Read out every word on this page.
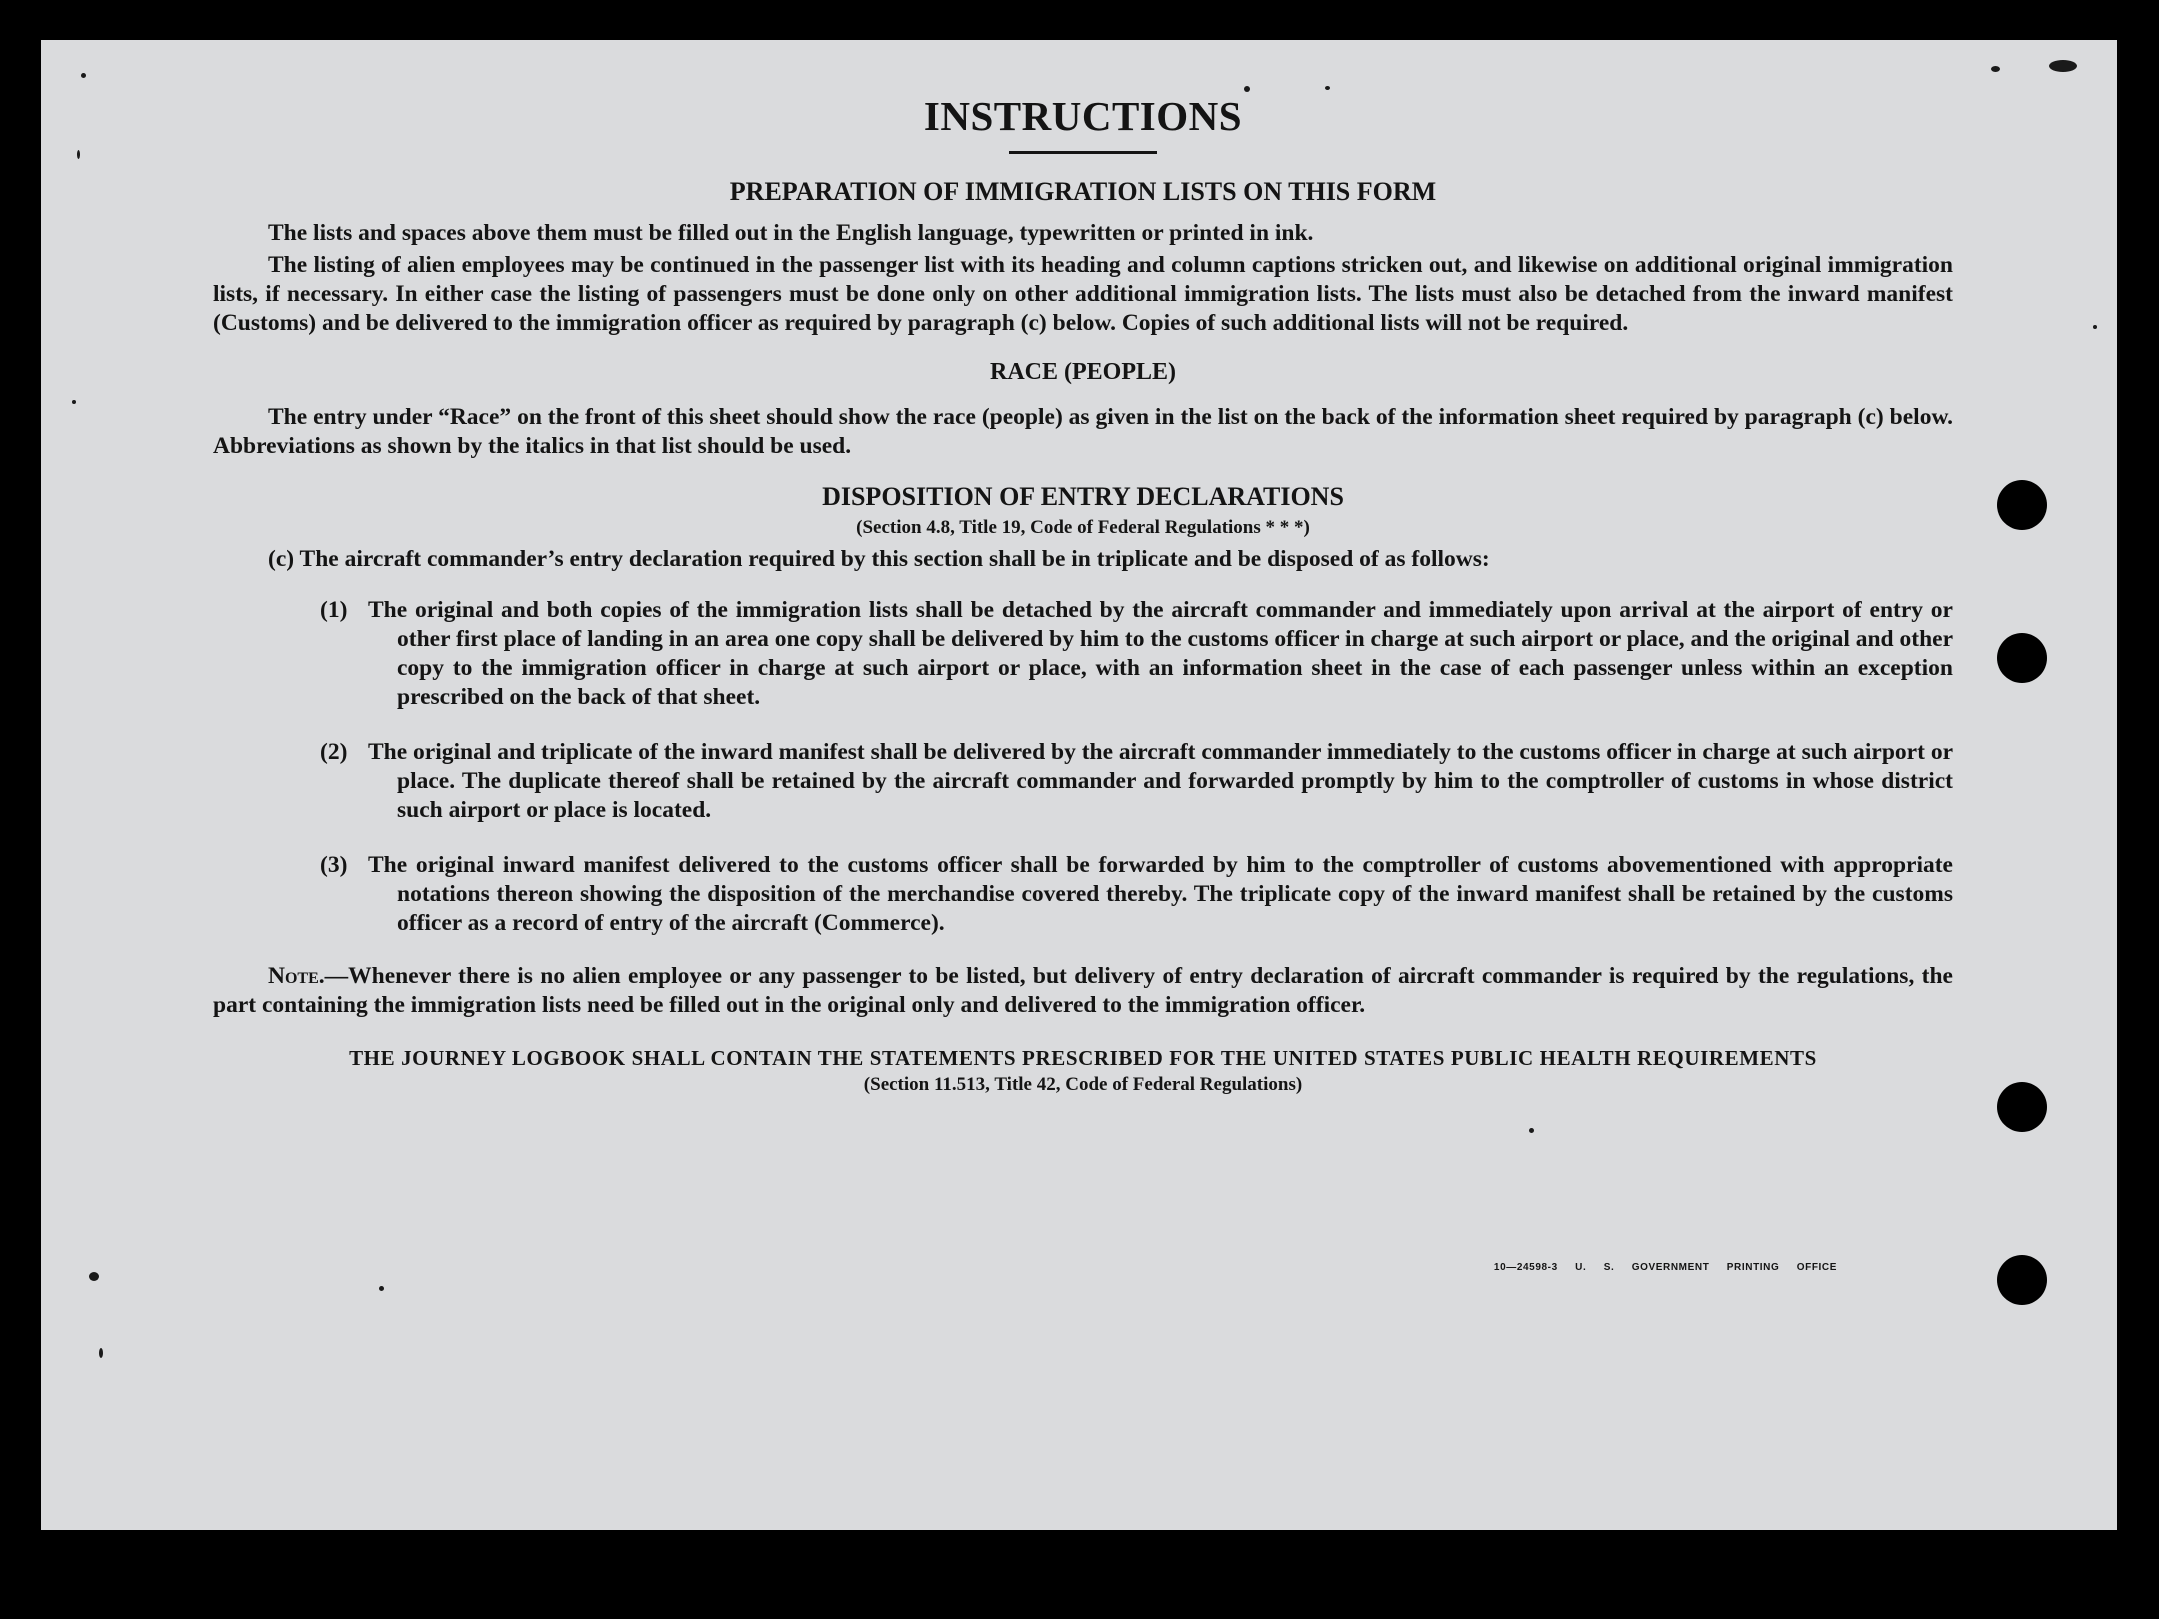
INSTRUCTIONS
PREPARATION OF IMMIGRATION LISTS ON THIS FORM

The lists and spaces above them must be filled out in the English language, typewritten or printed in ink.

The listing of alien employees may be continued in the passenger list with its heading and column captions stricken out, and likewise on additional original immigration lists, if necessary. In either case the listing of passengers must be done only on other additional immigration lists. The lists must also be detached from the inward manifest (Customs) and be delivered to the immigration officer as required by paragraph (c) below. Copies of such additional lists will not be required.

RACE (PEOPLE)

The entry under “Race” on the front of this sheet should show the race (people) as given in the list on the back of the information sheet required by paragraph (c) below. Abbreviations as shown by the italics in that list should be used.

DISPOSITION OF ENTRY DECLARATIONS

(Section 4.8, Title 19, Code of Federal Regulations * * *)

(c) The aircraft commander’s entry declaration required by this section shall be in triplicate and be disposed of as follows:

(1) The original and both copies of the immigration lists shall be detached by the aircraft commander and immediately upon arrival at the airport of entry or other first place of landing in an area one copy shall be delivered by him to the customs officer in charge at such airport or place, and the original and other copy to the immigration officer in charge at such airport or place, with an information sheet in the case of each passenger unless within an exception prescribed on the back of that sheet.

(2) The original and triplicate of the inward manifest shall be delivered by the aircraft commander immediately to the customs officer in charge at such airport or place. The duplicate thereof shall be retained by the aircraft commander and forwarded promptly by him to the comptroller of customs in whose district such airport or place is located.

(3) The original inward manifest delivered to the customs officer shall be forwarded by him to the comptroller of customs abovementioned with appropriate notations thereon showing the disposition of the merchandise covered thereby. The triplicate copy of the inward manifest shall be retained by the customs officer as a record of entry of the aircraft (Commerce).

Note.—Whenever there is no alien employee or any passenger to be listed, but delivery of entry declaration of aircraft commander is required by the regulations, the part containing the immigration lists need be filled out in the original only and delivered to the immigration officer.

THE JOURNEY LOGBOOK SHALL CONTAIN THE STATEMENTS PRESCRIBED FOR THE UNITED STATES PUBLIC HEALTH REQUIREMENTS

(Section 11.513, Title 42, Code of Federal Regulations)

10—24598-3 U. S. GOVERNMENT PRINTING OFFICE
